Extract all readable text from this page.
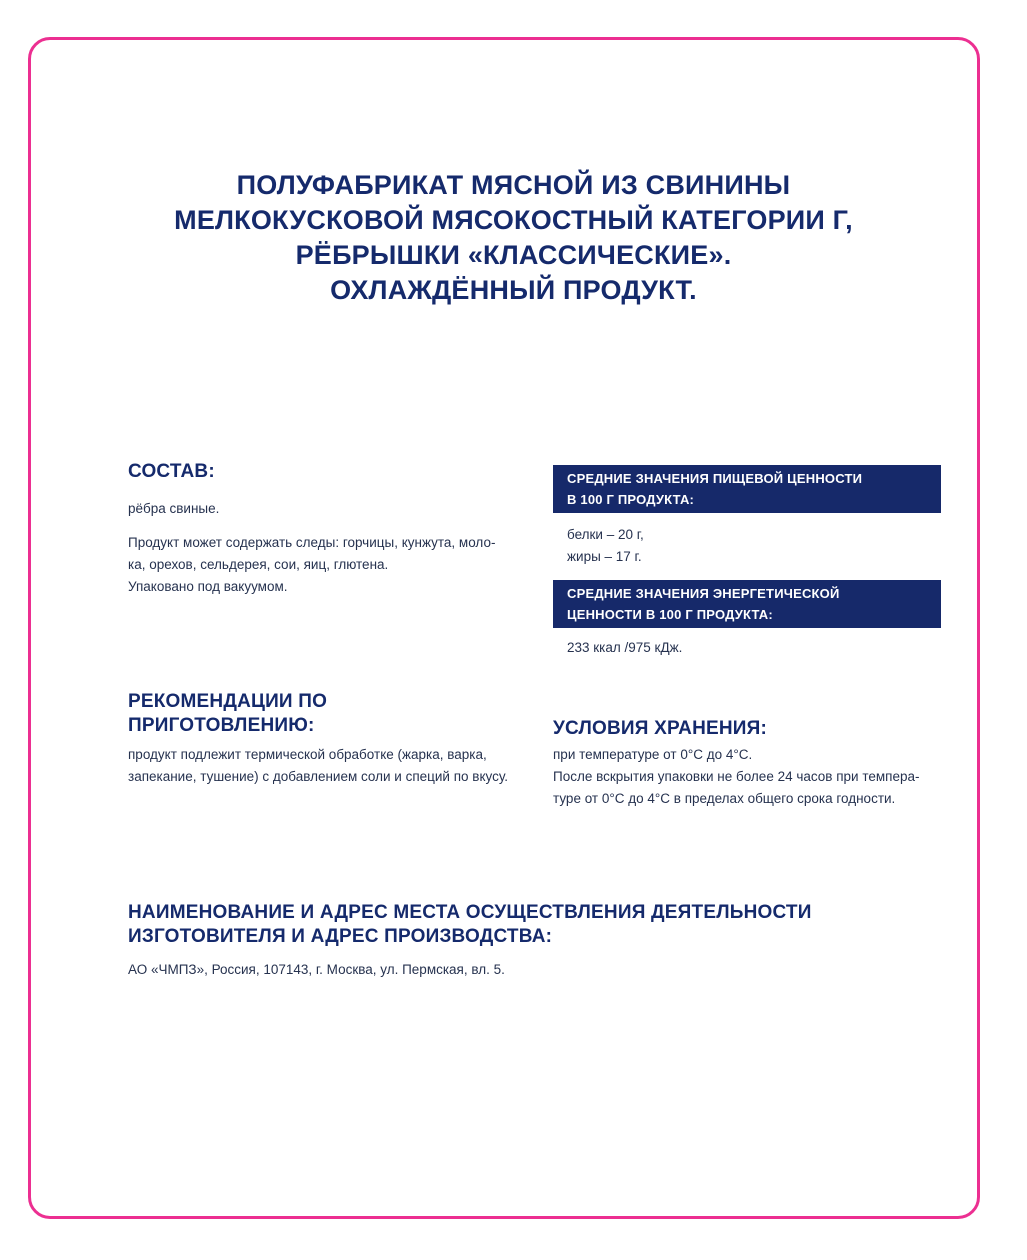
ПОЛУФАБРИКАТ МЯСНОЙ ИЗ СВИНИНЫ
МЕЛКОКУСКОВОЙ МЯСОКОСТНЫЙ КАТЕГОРИИ Г,
РЁБРЫШКИ «КЛАССИЧЕСКИЕ».
ОХЛАЖДЁННЫЙ ПРОДУКТ.
СОСТАВ:

рёбра свиные.

Продукт может содержать следы: горчицы, кунжута, моло-

ка, орехов, сельдерея, сои, яиц, глютена.

Упаковано под вакуумом.

СРЕДНИЕ ЗНАЧЕНИЯ ПИЩЕВОЙ ЦЕННОСТИ
В 100 Г ПРОДУКТА:

белки – 20 г,

жиры – 17 г.

СРЕДНИЕ ЗНАЧЕНИЯ ЭНЕРГЕТИЧЕСКОЙ
ЦЕННОСТИ В 100 Г ПРОДУКТА:

233 ккал /975 кДж.

РЕКОМЕНДАЦИИ ПО
ПРИГОТОВЛЕНИЮ:

продукт подлежит термической обработке (жарка, варка,

запекание, тушение) с добавлением соли и специй по вкусу.

УСЛОВИЯ ХРАНЕНИЯ:

при температуре от 0°С до 4°С.

После вскрытия упаковки не более 24 часов при темпера-

туре от 0°С до 4°С в пределах общего срока годности.

НАИМЕНОВАНИЕ И АДРЕС МЕСТА ОСУЩЕСТВЛЕНИЯ ДЕЯТЕЛЬНОСТИ
ИЗГОТОВИТЕЛЯ И АДРЕС ПРОИЗВОДСТВА:

АО «ЧМПЗ», Россия, 107143, г. Москва, ул. Пермская, вл. 5.
